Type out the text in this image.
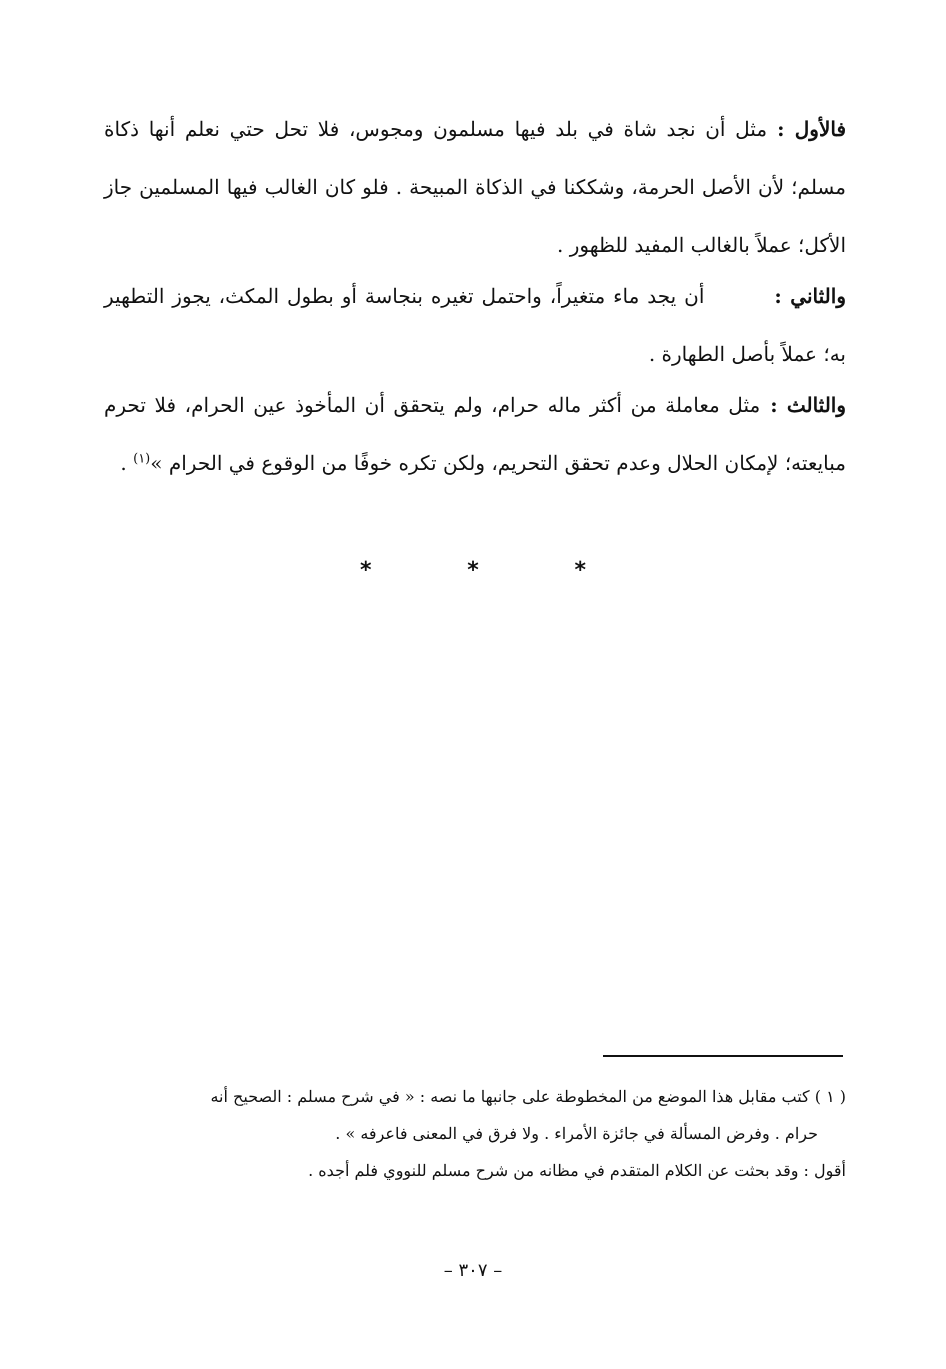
فالأول :مثل أن نجد شاة في بلد فيها مسلمون ومجوس، فلا تحل حتي نعلم أنها ذكاة مسلم؛ لأن الأصل الحرمة، وشككنا في الذكاة المبيحة . فلو كان الغالب فيها المسلمين جاز الأكل؛ عملاً بالغالب المفيد للظهور .

والثاني :أن يجد ماء متغيراً، واحتمل تغيره بنجاسة أو بطول المكث، يجوز التطهير به؛ عملاً بأصل الطهارة .

والثالث :مثل معاملة من أكثر ماله حرام، ولم يتحقق أن المأخوذ عين الحرام، فلا تحرم مبايعته؛ لإمكان الحلال وعدم تحقق التحريم، ولكن تكره خوفًا من الوقوع في الحرام »$^{(١)}$ .

*
*
*

( ١ ) كتب مقابل هذا الموضع من المخطوطة على جانبها ما نصه : « في شرح مسلم : الصحيح أنه

حرام . وفرض المسألة في جائزة الأمراء . ولا فرق في المعنى فاعرفه » .

أقول : وقد بحثت عن الكلام المتقدم في مظانه من شرح مسلم للنووي فلم أجده .

– ٣٠٧ –
